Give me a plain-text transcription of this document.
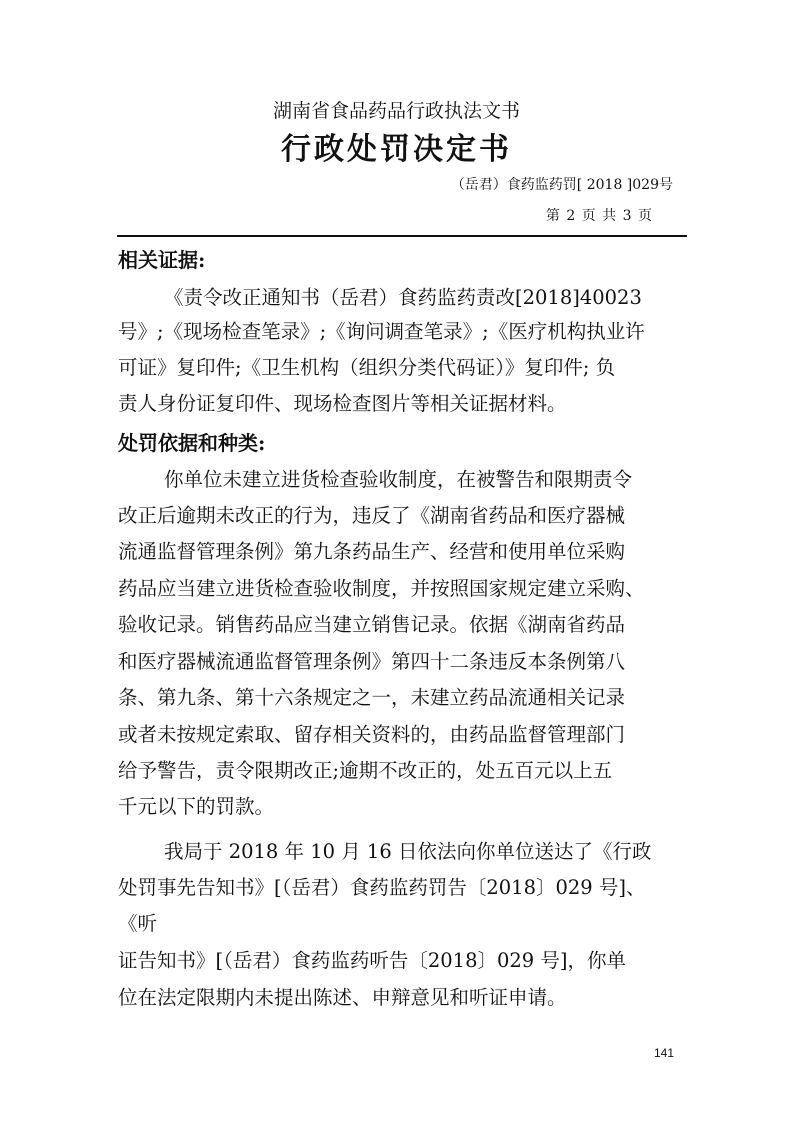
湖南省食品药品行政执法文书
行政处罚决定书
（岳君）食药监药罚[ 2018 ]029号
第 2 页 共 3 页
相关证据:
《责令改正通知书（岳君）食药监药责改[2018]40023
号》;《现场检查笔录》;《询问调查笔录》;《医疗机构执业许
可证》复印件;《卫生机构（组织分类代码证）》复印件; 负
责人身份证复印件、现场检查图片等相关证据材料。
处罚依据和种类:
你单位未建立进货检查验收制度，在被警告和限期责令
改正后逾期未改正的行为，违反了《湖南省药品和医疗器械
流通监督管理条例》第九条药品生产、经营和使用单位采购
药品应当建立进货检查验收制度，并按照国家规定建立采购、
验收记录。销售药品应当建立销售记录。依据《湖南省药品
和医疗器械流通监督管理条例》第四十二条违反本条例第八
条、第九条、第十六条规定之一，未建立药品流通相关记录
或者未按规定索取、留存相关资料的，由药品监督管理部门
给予警告，责令限期改正;逾期不改正的，处五百元以上五
千元以下的罚款。
我局于 2018 年 10 月 16 日依法向你单位送达了《行政
处罚事先告知书》[（岳君）食药监药罚告〔2018〕029 号]、
《听
证告知书》[（岳君）食药监药听告〔2018〕029 号]，你单
位在法定限期内未提出陈述、申辩意见和听证申请。
141
